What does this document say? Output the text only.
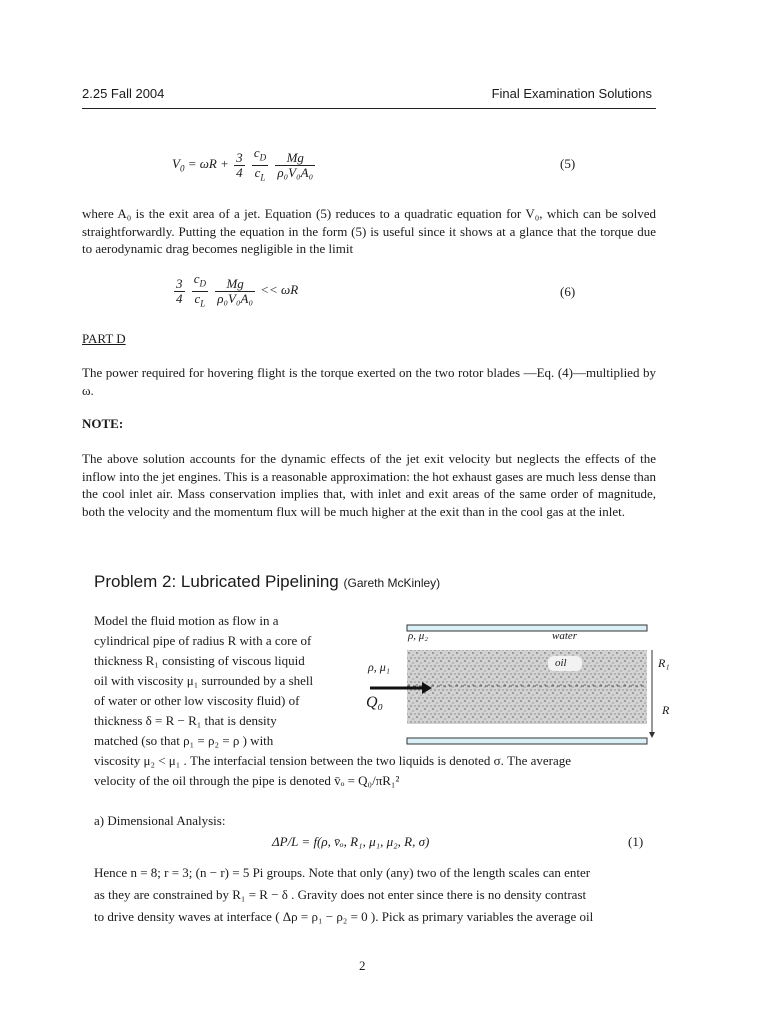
2.25 Fall 2004	Final Examination Solutions
$V_0 = \omega R + \frac{3}{4}$
$\frac{c_D}{c_L}$
$\frac{Mg}{\text{ρ₀V₀A₀}}$	(5)
where A₀ is the exit area of a jet. Equation (5) reduces to a quadratic equation for V₀, which can be solved straightforwardly. Putting the equation in the form (5) is useful since it shows at a glance that the torque due to aerodynamic drag becomes negligible in the limit
$\frac{3}{4}$
$\frac{c_D}{c_L}$
$\frac{Mg}{\text{ρ₀V₀A₀}} << \omega R$	(6)
PART D
The power required for hovering flight is the torque exerted on the two rotor blades —Eq. (4)—multiplied by ω.
NOTE:
The above solution accounts for the dynamic effects of the jet exit velocity but neglects the effects of the inflow into the jet engines. This is a reasonable approximation: the hot exhaust gases are much less dense than the cool inlet air. Mass conservation implies that, with inlet and exit areas of the same order of magnitude, both the velocity and the momentum flux will be much higher at the exit than in the cool gas at the inlet.
Problem 2: Lubricated Pipelining (Gareth McKinley)
Model the fluid motion as flow in a
cylindrical pipe of radius R with a core of
thickness R₁ consisting of viscous liquid
oil with viscosity μ₁ surrounded by a shell
of water or other low viscosity fluid) of
thickness δ = R − R₁ that is density
matched (so that ρ₁ = ρ₂ = ρ ) with
ρ, μ₂	water
ρ, μ₁	oil
Q₀
R₁
R
viscosity μ₂ < μ₁ . The interfacial tension between the two liquids is denoted σ. The average
velocity of the oil through the pipe is denoted v̄ₒ = Q₀/πR₁²
a) Dimensional Analysis:
ΔP/L = f(ρ, v̄ₒ, R₁, μ₁, μ₂, R, σ)	(1)
Hence n = 8; r = 3; (n − r) = 5 Pi groups. Note that only (any) two of the length scales can enter
as they are constrained by R₁ = R − δ . Gravity does not enter since there is no density contrast
to drive density waves at interface ( Δρ = ρ₁ − ρ₂ = 0 ). Pick as primary variables the average oil
2
